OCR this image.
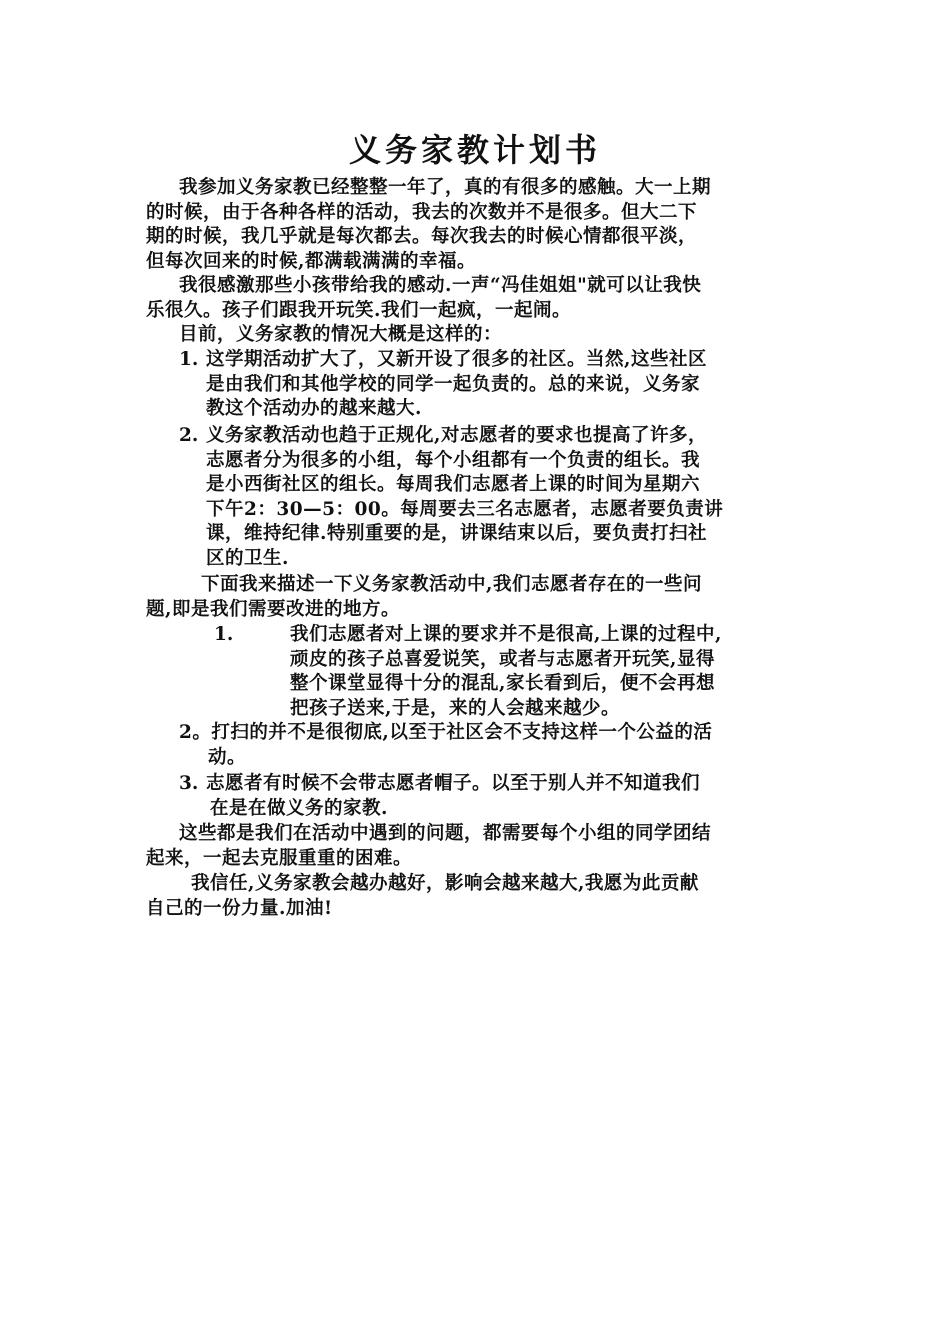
义务家教计划书
我参加义务家教已经整整一年了，真的有很多的感触。大一上期
的时候，由于各种各样的活动，我去的次数并不是很多。但大二下
期的时候，我几乎就是每次都去。每次我去的时候心情都很平淡，
但每次回来的时候,都满载满满的幸福。
我很感激那些小孩带给我的感动.一声“冯佳姐姐"就可以让我快
乐很久。孩子们跟我开玩笑.我们一起疯，一起闹。
目前，义务家教的情况大概是这样的：
1. 这学期活动扩大了，又新开设了很多的社区。当然,这些社区
是由我们和其他学校的同学一起负责的。总的来说，义务家
教这个活动办的越来越大.
2. 义务家教活动也趋于正规化,对志愿者的要求也提高了许多，
志愿者分为很多的小组，每个小组都有一个负责的组长。我
是小西街社区的组长。每周我们志愿者上课的时间为星期六
下午2：30—5：00。每周要去三名志愿者，志愿者要负责讲
课，维持纪律.特别重要的是，讲课结束以后，要负责打扫社
区的卫生.
下面我来描述一下义务家教活动中,我们志愿者存在的一些问
题,即是我们需要改进的地方。
1.	我们志愿者对上课的要求并不是很高,上课的过程中,
顽皮的孩子总喜爱说笑，或者与志愿者开玩笑,显得
整个课堂显得十分的混乱,家长看到后，便不会再想
把孩子送来,于是，来的人会越来越少。
2。打扫的并不是很彻底,以至于社区会不支持这样一个公益的活
动。
3. 志愿者有时候不会带志愿者帽子。以至于别人并不知道我们
在是在做义务的家教.
这些都是我们在活动中遇到的问题，都需要每个小组的同学团结
起来，一起去克服重重的困难。
我信任,义务家教会越办越好，影响会越来越大,我愿为此贡献
自己的一份力量.加油!
